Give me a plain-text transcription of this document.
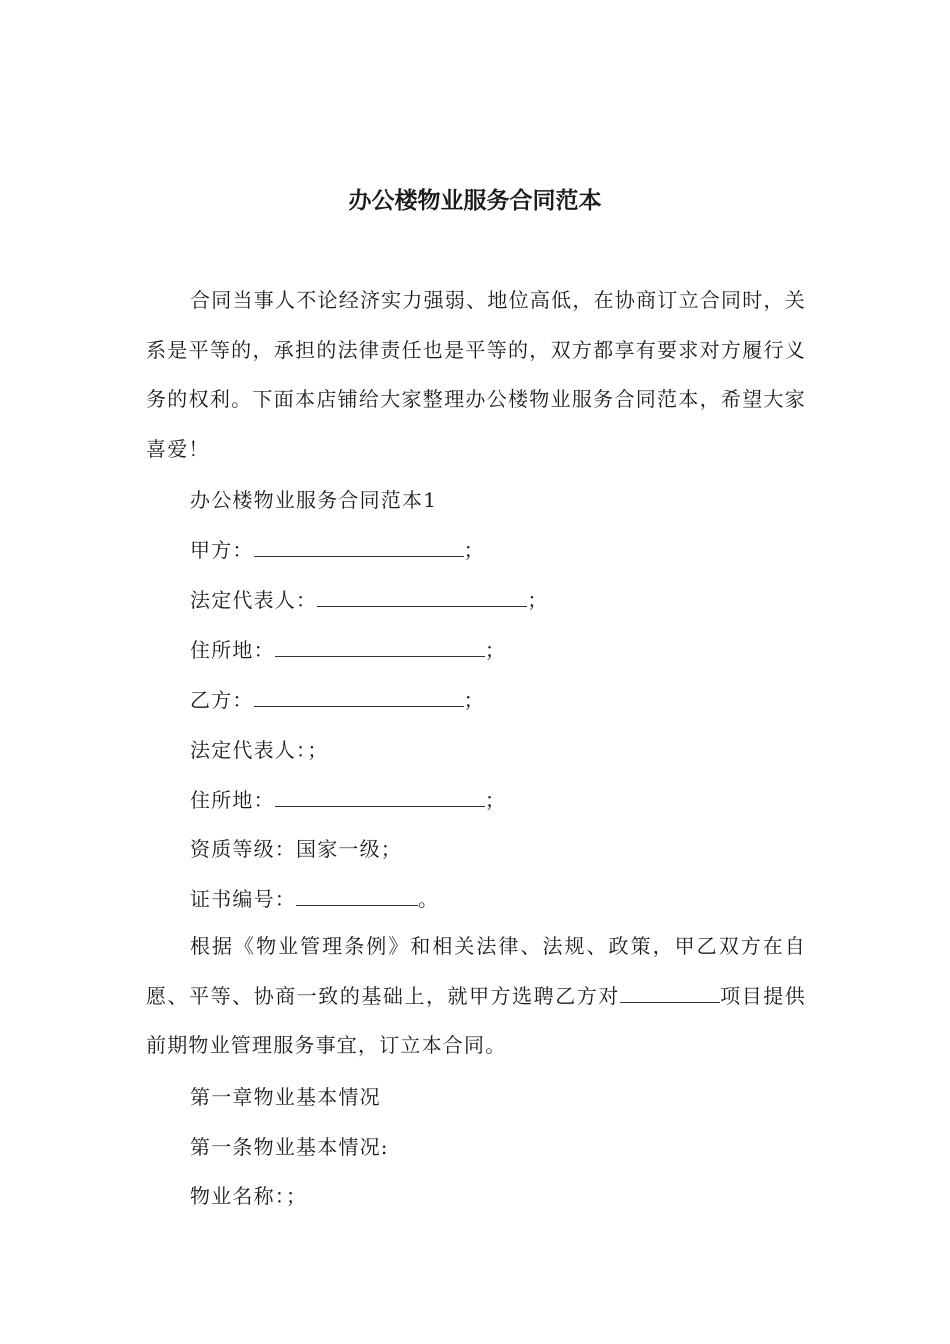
办公楼物业服务合同范本

合同当事人不论经济实力强弱、地位高低，在协商订立合同时，关系是平等的，承担的法律责任也是平等的，双方都享有要求对方履行义务的权利。下面本店铺给大家整理办公楼物业服务合同范本，希望大家喜爱！

办公楼物业服务合同范本1
甲方：	；
法定代表人：	；
住所地：	；
乙方：	；
法定代表人：；
住所地：	；
资质等级：国家一级；
证书编号：	。

根据《物业管理条例》和相关法律、法规、政策，甲乙双方在自愿、平等、协商一致的基础上，就甲方选聘乙方对	项目提供前期物业管理服务事宜，订立本合同。

第一章物业基本情况
第一条物业基本情况:
物业名称：；
